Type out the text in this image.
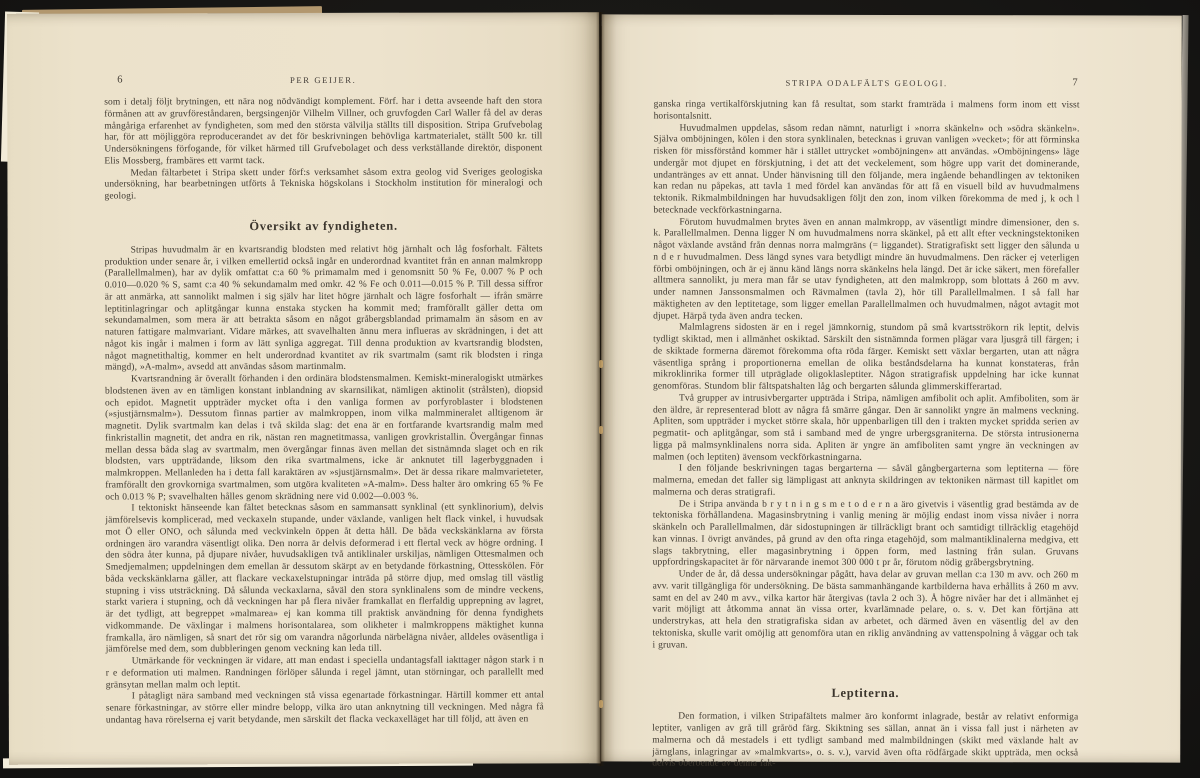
6	PER GEIJER.

som i detalj följt brytningen, ett nära nog nödvändigt komplement. Förf. har i detta avseende haft den stora förmånen att av gruvföreståndaren, bergsingenjör Vilhelm Villner, och gruvfogden Carl Waller få del av deras mångåriga erfarenhet av fyndigheten, som med den största välvilja ställts till disposition. Stripa Grufvebolag har, för att möjliggöra reproducerandet av det för beskrivningen behövliga kartmaterialet, ställt 500 kr. till Undersökningens förfogande, för vilket härmed till Grufvebolaget och dess verkställande direktör, disponent Elis Mossberg, frambäres ett varmt tack.

Medan fältarbetet i Stripa skett under förf:s verksamhet såsom extra geolog vid Sveriges geologiska undersökning, har bearbetningen utförts å Tekniska högskolans i Stockholm institution för mineralogi och geologi.

Översikt av fyndigheten.

Stripas huvudmalm är en kvartsrandig blodsten med relativt hög järnhalt och låg fosforhalt. Fältets produktion under senare år, i vilken emellertid också ingår en underordnad kvantitet från en annan malmkropp (Parallellmalmen), har av dylik omfattat c:a 60 % primamalm med i genomsnitt 50 % Fe, 0.007 % P och 0.010—0.020 % S, samt c:a 40 % sekundamalm med omkr. 42 % Fe och 0.011—0.015 % P. Till dessa siffror är att anmärka, att sannolikt malmen i sig själv har litet högre järnhalt och lägre fosforhalt — ifrån smärre leptitinlagringar och aplitgångar kunna enstaka stycken ha kommit med; framförallt gäller detta om sekundamalmen, som mera är att betrakta såsom en något gråbergsblandad primamalm än såsom en av naturen fattigare malmvariant. Vidare märkes, att svavelhalten ännu mera influeras av skrädningen, i det att något kis ingår i malmen i form av lätt synliga aggregat. Till denna produktion av kvartsrandig blodsten, något magnetithaltig, kommer en helt underordnad kvantitet av rik svartmalm (samt rik blodsten i ringa mängd), »A-malm», avsedd att användas såsom martinmalm.

Kvartsrandning är överallt förhanden i den ordinära blodstensmalmen. Kemiskt-mineralogiskt utmärkes blodstenen även av en tämligen konstant inblandning av skarnsilikat, nämligen aktinolit (strålsten), diopsid och epidot. Magnetit uppträder mycket ofta i den vanliga formen av porfyroblaster i blodstenen (»sjustjärnsmalm»). Dessutom finnas partier av malmkroppen, inom vilka malmmineralet alltigenom är magnetit. Dylik svartmalm kan delas i två skilda slag: det ena är en fortfarande kvartsrandig malm med finkristallin magnetit, det andra en rik, nästan ren magnetitmassa, vanligen grovkristallin. Övergångar finnas mellan dessa båda slag av svartmalm, men övergångar finnas även mellan det sistnämnda slaget och en rik blodsten, vars uppträdande, liksom den rika svartmalmens, icke är anknutet till lagerbyggnaden i malmkroppen. Mellanleden ha i detta fall karaktären av »sjustjärnsmalm». Det är dessa rikare malmvarieteter, framförallt den grovkorniga svartmalmen, som utgöra kvaliteten »A-malm». Dess halter äro omkring 65 % Fe och 0.013 % P; svavelhalten hålles genom skrädning nere vid 0.002—0.003 %.

I tektoniskt hänseende kan fältet betecknas såsom en sammansatt synklinal (ett synklinorium), delvis jämförelsevis komplicerad, med veckaxeln stupande, under växlande, vanligen helt flack vinkel, i huvudsak mot Ö eller ONO, och sålunda med veckvinkeln öppen åt detta håll. De båda veckskänklarna av första ordningen äro varandra väsentligt olika. Den norra är delvis deformerad i ett flertal veck av högre ordning. I den södra åter kunna, på djupare nivåer, huvudsakligen två antiklinaler urskiljas, nämligen Ottesmalmen och Smedjemalmen; uppdelningen dem emellan är dessutom skärpt av en betydande förkastning, Ottesskölen. För båda veckskänklarna gäller, att flackare veckaxelstupningar inträda på större djup, med omslag till västlig stupning i viss utsträckning. Då sålunda veckaxlarna, såväl den stora synklinalens som de mindre veckens, starkt variera i stupning, och då veckningen har på flera nivåer framkallat en flerfaldig upprepning av lagret, är det tydligt, att begreppet »malmarea» ej kan komma till praktisk användning för denna fyndighets vidkommande. De växlingar i malmens horisontalarea, som olikheter i malmkroppens mäktighet kunna framkalla, äro nämligen, så snart det rör sig om varandra någorlunda närbelägna nivåer, alldeles oväsentliga i jämförelse med dem, som dubbleringen genom veckning kan leda till.

Utmärkande för veckningen är vidare, att man endast i speciella undantagsfall iakttager någon stark i n r e deformation uti malmen. Randningen förlöper sålunda i regel jämnt, utan störningar, och parallellt med gränsytan mellan malm och leptit.

I påtagligt nära samband med veckningen stå vissa egenartade förkastningar. Härtill kommer ett antal senare förkastningar, av större eller mindre belopp, vilka äro utan anknytning till veckningen. Med några få undantag hava rörelserna ej varit betydande, men särskilt det flacka veckaxelläget har till följd, att även en

STRIPA ODALFÄLTS GEOLOGI.	7

ganska ringa vertikalförskjutning kan få resultat, som starkt framträda i malmens form inom ett visst horisontalsnitt.

Huvudmalmen uppdelas, såsom redan nämnt, naturligt i »norra skänkeln» och »södra skänkeln». Själva omböjningen, kölen i den stora synklinalen, betecknas i gruvan vanligen »vecket»; för att förminska risken för missförstånd kommer här i stället uttrycket »omböjningen» att användas. »Omböjningens» läge undergår mot djupet en förskjutning, i det att det veckelement, som högre upp varit det dominerande, undantränges av ett annat. Under hänvisning till den följande, mera ingående behandlingen av tektoniken kan redan nu påpekas, att tavla 1 med fördel kan användas för att få en visuell bild av huvudmalmens tektonik. Rikmalmbildningen har huvudsakligen följt den zon, inom vilken förekomma de med j, k och l betecknade veckförkastningarna.

Förutom huvudmalmen brytes även en annan malmkropp, av väsentligt mindre dimensioner, den s. k. Parallellmalmen. Denna ligger N om huvudmalmens norra skänkel, på ett allt efter veckningstektoniken något växlande avstånd från dennas norra malmgräns (= liggandet). Stratigrafiskt sett ligger den sålunda u n d e r huvudmalmen. Dess längd synes vara betydligt mindre än huvudmalmens. Den räcker ej veterligen förbi omböjningen, och är ej ännu känd längs norra skänkelns hela längd. Det är icke säkert, men förefaller alltmera sannolikt, ju mera man får se utav fyndigheten, att den malmkropp, som blottats å 260 m avv. under namnen Janssonsmalmen och Rävmalmen (tavla 2), hör till Parallellmalmen. I så fall har mäktigheten av den leptitetage, som ligger emellan Parallellmalmen och huvudmalmen, något avtagit mot djupet. Härpå tyda även andra tecken.

Malmlagrens sidosten är en i regel jämnkornig, stundom på små kvartsströkorn rik leptit, delvis tydligt skiktad, men i allmänhet oskiktad. Särskilt den sistnämnda formen plägar vara ljusgrå till färgen; i de skiktade formerna däremot förekomma ofta röda färger. Kemiskt sett växlar bergarten, utan att några väsentliga språng i proportionerna emellan de olika beståndsdelarna ha kunnat konstateras, från mikroklinrika former till utpräglade oligoklasleptiter. Någon stratigrafisk uppdelning har icke kunnat genomföras. Stundom blir fältspatshalten låg och bergarten sålunda glimmerskifferartad.

Två grupper av intrusivbergarter uppträda i Stripa, nämligen amfibolit och aplit. Amfiboliten, som är den äldre, är representerad blott av några få smärre gångar. Den är sannolikt yngre än malmens veckning. Apliten, som uppträder i mycket större skala, hör uppenbarligen till den i trakten mycket spridda serien av pegmatit- och aplitgångar, som stå i samband med de yngre urbergsgraniterna. De största intrusionerna ligga på malmsynklinalens norra sida. Apliten är yngre än amfiboliten samt yngre än veckningen av malmen (och leptiten) ävensom veckförkastningarna.

I den följande beskrivningen tagas bergarterna — såväl gångbergarterna som leptiterna — före malmerna, emedan det faller sig lämpligast att anknyta skildringen av tektoniken närmast till kapitlet om malmerna och deras stratigrafi.

De i Stripa använda b r y t n i n g s m e t o d e r n a äro givetvis i väsentlig grad bestämda av de tektoniska förhållandena. Magasinsbrytning i vanlig mening är möjlig endast inom vissa nivåer i norra skänkeln och Parallellmalmen, där sidostupningen är tillräckligt brant och samtidigt tillräcklig etagehöjd kan vinnas. I övrigt användes, på grund av den ofta ringa etagehöjd, som malmantiklinalerna medgiva, ett slags takbrytning, eller magasinbrytning i öppen form, med lastning från sulan. Gruvans uppfordringskapacitet är för närvarande inemot 300 000 t pr år, förutom nödig gråbergsbrytning.

Under de år, då dessa undersökningar pågått, hava delar av gruvan mellan c:a 130 m avv. och 260 m avv. varit tillgängliga för undersökning. De bästa sammanhängande kartbilderna hava erhållits å 260 m avv. samt en del av 240 m avv., vilka kartor här återgivas (tavla 2 och 3). Å högre nivåer har det i allmänhet ej varit möjligt att åtkomma annat än vissa orter, kvarlämnade pelare, o. s. v. Det kan förtjäna att understrykas, att hela den stratigrafiska sidan av arbetet, och därmed även en väsentlig del av den tektoniska, skulle varit omöjlig att genomföra utan en riklig användning av vattenspolning å väggar och tak i gruvan.

Leptiterna.

Den formation, i vilken Stripafältets malmer äro konformt inlagrade, består av relativt enformiga leptiter, vanligen av grå till gråröd färg. Skiktning ses sällan, annat än i vissa fall just i närheten av malmerna och då mestadels i ett tydligt samband med malmbildningen (skikt med växlande halt av järnglans, inlagringar av »malmkvarts», o. s. v.), varvid även ofta rödfärgade skikt uppträda, men också delvis oberoende av denna fak-
